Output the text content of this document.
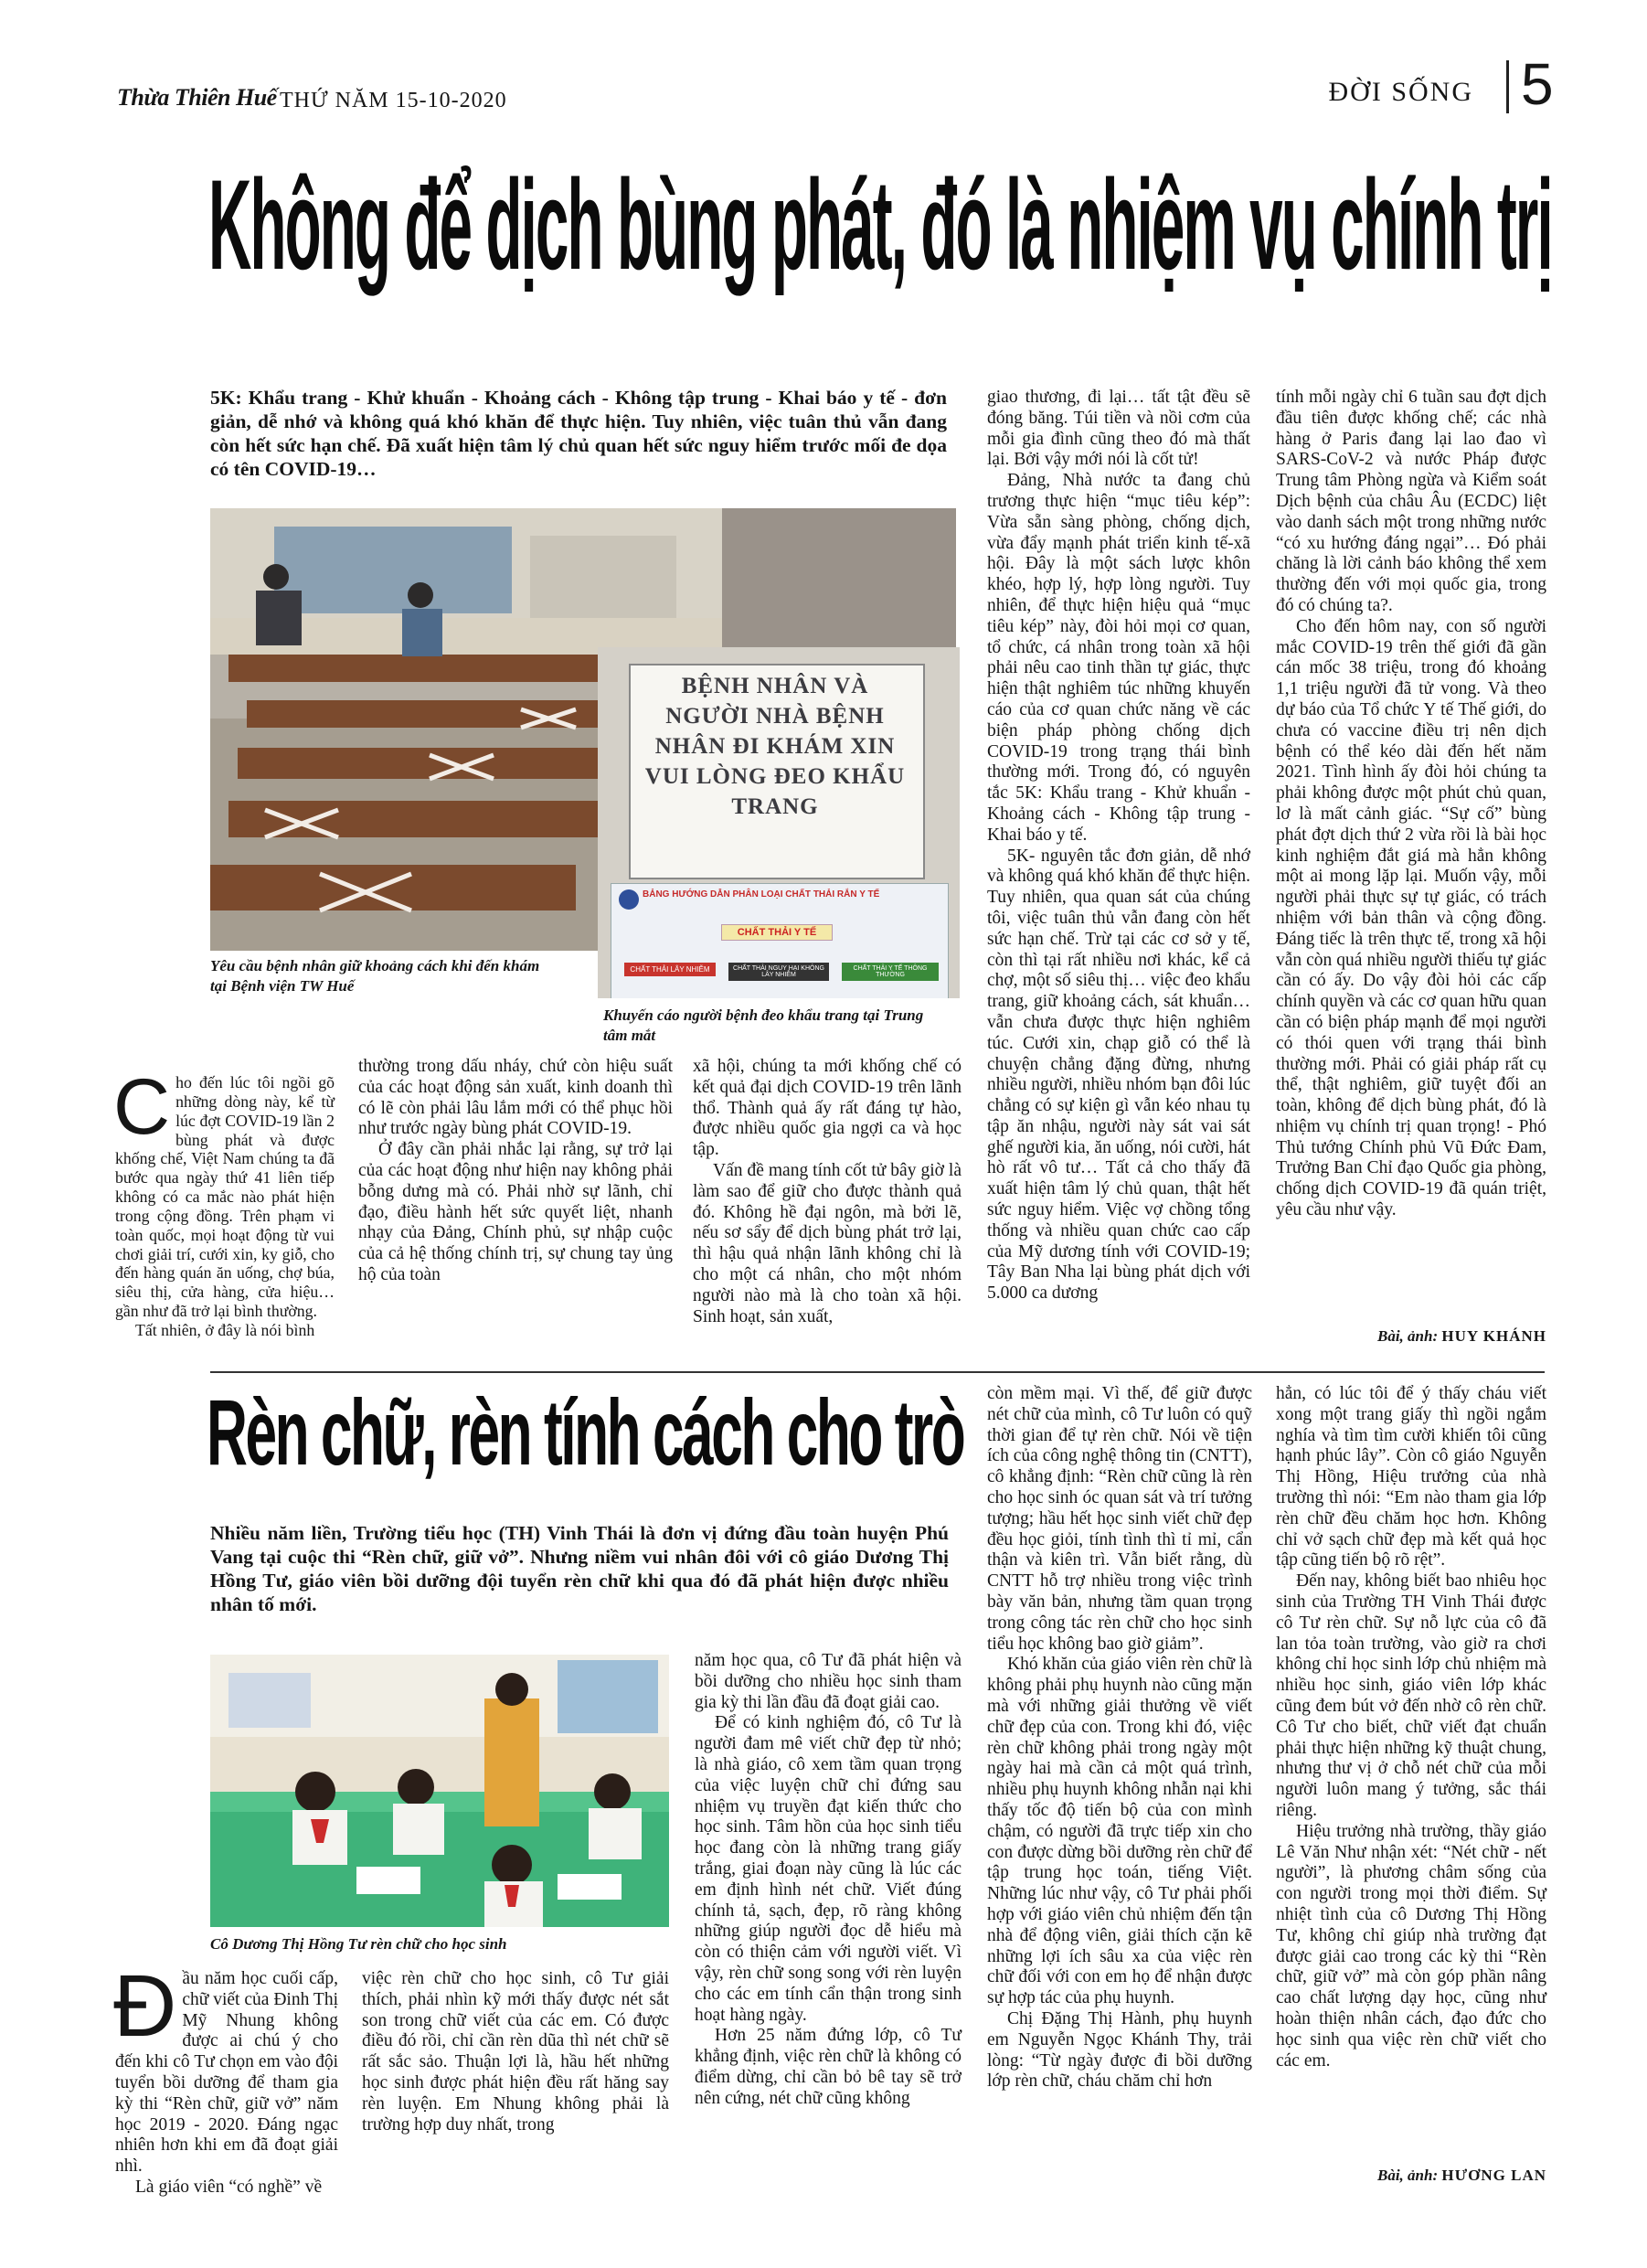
Thừa Thiên Huế THỨ NĂM 15-10-2020	ĐỜI SỐNG 5
Không để dịch bùng phát, đó là nhiệm vụ chính trị
5K: Khẩu trang - Khử khuẩn - Khoảng cách - Không tập trung - Khai báo y tế - đơn giản, dễ nhớ và không quá khó khăn để thực hiện. Tuy nhiên, việc tuân thủ vẫn đang còn hết sức hạn chế. Đã xuất hiện tâm lý chủ quan hết sức nguy hiểm trước mối đe dọa có tên COVID-19…
Yêu cầu bệnh nhân giữ khoảng cách khi đến khám tại Bệnh viện TW Huế
BỆNH NHÂN VÀ NGƯỜI NHÀ BỆNH NHÂN ĐI KHÁM XIN VUI LÒNG ĐEO KHẨU TRANG
BẢNG HƯỚNG DẪN PHÂN LOẠI CHẤT THẢI RẮN Y TẾ
CHẤT THẢI Y TẾ
CHẤT THẢI LÂY NHIỄM	CHẤT THẢI NGUY HẠI KHÔNG LÂY NHIỄM
CHẤT THẢI Y TẾ THÔNG THƯỜNG
Khuyến cáo người bệnh đeo khẩu trang tại Trung tâm mắt
C ho đến lúc tôi ngồi gõ những dòng này, kể từ lúc đợt COVID-19 lần 2 bùng phát và được khống chế, Việt Nam chúng ta đã bước qua ngày thứ 41 liên tiếp không có ca mắc nào phát hiện trong cộng đồng. Trên phạm vi toàn quốc, mọi hoạt động từ vui chơi giải trí, cưới xin, ky giỗ, cho đến hàng quán ăn uống, chợ búa, siêu thị, cửa hàng, cửa hiệu… gần như đã trở lại bình thường.

Tất nhiên, ở đây là nói bình

thường trong dấu nháy, chứ còn hiệu suất của các hoạt động sản xuất, kinh doanh thì có lẽ còn phải lâu lắm mới có thể phục hồi như trước ngày bùng phát COVID-19.

Ở đây cần phải nhắc lại rằng, sự trở lại của các hoạt động như hiện nay không phải bỗng dưng mà có. Phải nhờ sự lãnh, chỉ đạo, điều hành hết sức quyết liệt, nhanh nhạy của Đảng, Chính phủ, sự nhập cuộc của cả hệ thống chính trị, sự chung tay ủng hộ của toàn

xã hội, chúng ta mới khống chế có kết quả đại dịch COVID-19 trên lãnh thổ. Thành quả ấy rất đáng tự hào, được nhiều quốc gia ngợi ca và học tập.

Vấn đề mang tính cốt tử bây giờ là làm sao để giữ cho được thành quả đó. Không hề đại ngôn, mà bởi lẽ, nếu sơ sẩy để dịch bùng phát trở lại, thì hậu quả nhận lãnh không chỉ là cho một cá nhân, cho một nhóm người nào mà là cho toàn xã hội. Sinh hoạt, sản xuất,

giao thương, đi lại… tất tật đều sẽ đóng băng. Túi tiền và nồi cơm của mỗi gia đình cũng theo đó mà thất lại. Bởi vậy mới nói là cốt tử!

Đảng, Nhà nước ta đang chủ trương thực hiện “mục tiêu kép”: Vừa sẵn sàng phòng, chống dịch, vừa đẩy mạnh phát triển kinh tế-xã hội. Đây là một sách lược khôn khéo, hợp lý, hợp lòng người. Tuy nhiên, để thực hiện hiệu quả “mục tiêu kép” này, đòi hỏi mọi cơ quan, tổ chức, cá nhân trong toàn xã hội phải nêu cao tinh thần tự giác, thực hiện thật nghiêm túc những khuyến cáo của cơ quan chức năng về các biện pháp phòng chống dịch COVID-19 trong trạng thái bình thường mới. Trong đó, có nguyên tắc 5K: Khẩu trang - Khử khuẩn - Khoảng cách - Không tập trung - Khai báo y tế.

5K- nguyên tắc đơn giản, dễ nhớ và không quá khó khăn để thực hiện. Tuy nhiên, qua quan sát của chúng tôi, việc tuân thủ vẫn đang còn hết sức hạn chế. Trừ tại các cơ sở y tế, còn thì tại rất nhiều nơi khác, kể cả chợ, một số siêu thị… việc đeo khẩu trang, giữ khoảng cách, sát khuẩn… vẫn chưa được thực hiện nghiêm túc. Cưới xin, chạp giỗ có thể là chuyện chẳng đặng đừng, nhưng nhiều người, nhiều nhóm bạn đôi lúc chẳng có sự kiện gì vẫn kéo nhau tụ tập ăn nhậu, người này sát vai sát ghế người kia, ăn uống, nói cười, hát hò rất vô tư… Tất cả cho thấy đã xuất hiện tâm lý chủ quan, thật hết sức nguy hiểm. Việc vợ chồng tổng thống và nhiều quan chức cao cấp của Mỹ dương tính với COVID-19; Tây Ban Nha lại bùng phát dịch với 5.000 ca dương

tính mỗi ngày chỉ 6 tuần sau đợt dịch đầu tiên được khống chế; các nhà hàng ở Paris đang lại lao đao vì SARS-CoV-2 và nước Pháp được Trung tâm Phòng ngừa và Kiểm soát Dịch bệnh của châu Âu (ECDC) liệt vào danh sách một trong những nước “có xu hướng đáng ngại”… Đó phải chăng là lời cảnh báo không thể xem thường đến với mọi quốc gia, trong đó có chúng ta?.

Cho đến hôm nay, con số người mắc COVID-19 trên thế giới đã gần cán mốc 38 triệu, trong đó khoảng 1,1 triệu người đã tử vong. Và theo dự báo của Tổ chức Y tế Thế giới, do chưa có vaccine điều trị nên dịch bệnh có thể kéo dài đến hết năm 2021. Tình hình ấy đòi hỏi chúng ta phải không được một phút chủ quan, lơ là mất cảnh giác. “Sự cố” bùng phát đợt dịch thứ 2 vừa rồi là bài học kinh nghiệm đắt giá mà hẳn không một ai mong lặp lại. Muốn vậy, mỗi người phải thực sự tự giác, có trách nhiệm với bản thân và cộng đồng. Đáng tiếc là trên thực tế, trong xã hội vẫn còn quá nhiều người thiếu tự giác cần có ấy. Do vậy đòi hỏi các cấp chính quyền và các cơ quan hữu quan cần có biện pháp mạnh để mọi người có thói quen với trạng thái bình thường mới. Phải có giải pháp rất cụ thể, thật nghiêm, giữ tuyệt đối an toàn, không để dịch bùng phát, đó là nhiệm vụ chính trị quan trọng! - Phó Thủ tướng Chính phủ Vũ Đức Đam, Trưởng Ban Chỉ đạo Quốc gia phòng, chống dịch COVID-19 đã quán triệt, yêu cầu như vậy.

Bài, ảnh: HUY KHÁNH
Rèn chữ, rèn tính cách cho trò
Nhiều năm liền, Trường tiểu học (TH) Vinh Thái là đơn vị đứng đầu toàn huyện Phú Vang tại cuộc thi “Rèn chữ, giữ vở”. Nhưng niềm vui nhân đôi với cô giáo Dương Thị Hồng Tư, giáo viên bồi dưỡng đội tuyển rèn chữ khi qua đó đã phát hiện được nhiều nhân tố mới.
Cô Dương Thị Hồng Tư rèn chữ cho học sinh
Đ ầu năm học cuối cấp, chữ viết của Đinh Thị Mỹ Nhung không được ai chú ý cho đến khi cô Tư chọn em vào đội tuyển bồi dưỡng để tham gia kỳ thi “Rèn chữ, giữ vở” năm học 2019 - 2020. Đáng ngạc nhiên hơn khi em đã đoạt giải nhì.

Là giáo viên “có nghề” về

việc rèn chữ cho học sinh, cô Tư giải thích, phải nhìn kỹ mới thấy được nét sắt son trong chữ viết của các em. Có được điều đó rồi, chỉ cần rèn dũa thì nét chữ sẽ rất sắc sảo. Thuận lợi là, hầu hết những học sinh được phát hiện đều rất hăng say rèn luyện. Em Nhung không phải là trường hợp duy nhất, trong

năm học qua, cô Tư đã phát hiện và bồi dưỡng cho nhiều học sinh tham gia kỳ thi lần đầu đã đoạt giải cao.

Để có kinh nghiệm đó, cô Tư là người đam mê viết chữ đẹp từ nhỏ; là nhà giáo, cô xem tầm quan trọng của việc luyện chữ chỉ đứng sau nhiệm vụ truyền đạt kiến thức cho học sinh. Tâm hồn của học sinh tiểu học đang còn là những trang giấy trắng, giai đoạn này cũng là lúc các em định hình nét chữ. Viết đúng chính tả, sạch, đẹp, rõ ràng không những giúp người đọc dễ hiểu mà còn có thiện cảm với người viết. Vì vậy, rèn chữ song song với rèn luyện cho các em tính cẩn thận trong sinh hoạt hàng ngày.

Hơn 25 năm đứng lớp, cô Tư khẳng định, việc rèn chữ là không có điểm dừng, chỉ cần bỏ bê tay sẽ trở nên cứng, nét chữ cũng không

còn mềm mại. Vì thế, để giữ được nét chữ của mình, cô Tư luôn có quỹ thời gian để tự rèn chữ. Nói về tiện ích của công nghệ thông tin (CNTT), cô khẳng định: “Rèn chữ cũng là rèn cho học sinh óc quan sát và trí tưởng tượng; hầu hết học sinh viết chữ đẹp đều học giỏi, tính tình thì tỉ mỉ, cẩn thận và kiên trì. Vẫn biết rằng, dù CNTT hỗ trợ nhiều trong việc trình bày văn bản, nhưng tầm quan trọng trong công tác rèn chữ cho học sinh tiểu học không bao giờ giảm”.

Khó khăn của giáo viên rèn chữ là không phải phụ huynh nào cũng mặn mà với những giải thưởng về viết chữ đẹp của con. Trong khi đó, việc rèn chữ không phải trong ngày một ngày hai mà cần cả một quá trình, nhiều phụ huynh không nhẫn nại khi thấy tốc độ tiến bộ của con mình chậm, có người đã trực tiếp xin cho con được dừng bồi dưỡng rèn chữ để tập trung học toán, tiếng Việt. Những lúc như vậy, cô Tư phải phối hợp với giáo viên chủ nhiệm đến tận nhà để động viên, giải thích cặn kẽ những lợi ích sâu xa của việc rèn chữ đối với con em họ để nhận được sự hợp tác của phụ huynh.

Chị Đặng Thị Hành, phụ huynh em Nguyễn Ngọc Khánh Thy, trải lòng: “Từ ngày được đi bồi dưỡng lớp rèn chữ, cháu chăm chỉ hơn

hẳn, có lúc tôi để ý thấy cháu viết xong một trang giấy thì ngồi ngắm nghía và tìm tìm cười khiến tôi cũng hạnh phúc lây”. Còn cô giáo Nguyễn Thị Hồng, Hiệu trưởng của nhà trường thì nói: “Em nào tham gia lớp rèn chữ đều chăm học hơn. Không chỉ vở sạch chữ đẹp mà kết quả học tập cũng tiến bộ rõ rệt”.

Đến nay, không biết bao nhiêu học sinh của Trường TH Vinh Thái được cô Tư rèn chữ. Sự nỗ lực của cô đã lan tỏa toàn trường, vào giờ ra chơi không chỉ học sinh lớp chủ nhiệm mà nhiều học sinh, giáo viên lớp khác cũng đem bút vở đến nhờ cô rèn chữ. Cô Tư cho biết, chữ viết đạt chuẩn phải thực hiện những kỹ thuật chung, nhưng thư vị ở chỗ nét chữ của mỗi người luôn mang ý tưởng, sắc thái riêng.

Hiệu trưởng nhà trường, thầy giáo Lê Văn Như nhận xét: “Nét chữ - nết người”, là phương châm sống của con người trong mọi thời điểm. Sự nhiệt tình của cô Dương Thị Hồng Tư, không chỉ giúp nhà trường đạt được giải cao trong các kỳ thi “Rèn chữ, giữ vở” mà còn góp phần nâng cao chất lượng dạy học, cũng như hoàn thiện nhân cách, đạo đức cho học sinh qua việc rèn chữ viết cho các em.

Bài, ảnh: HƯƠNG LAN
